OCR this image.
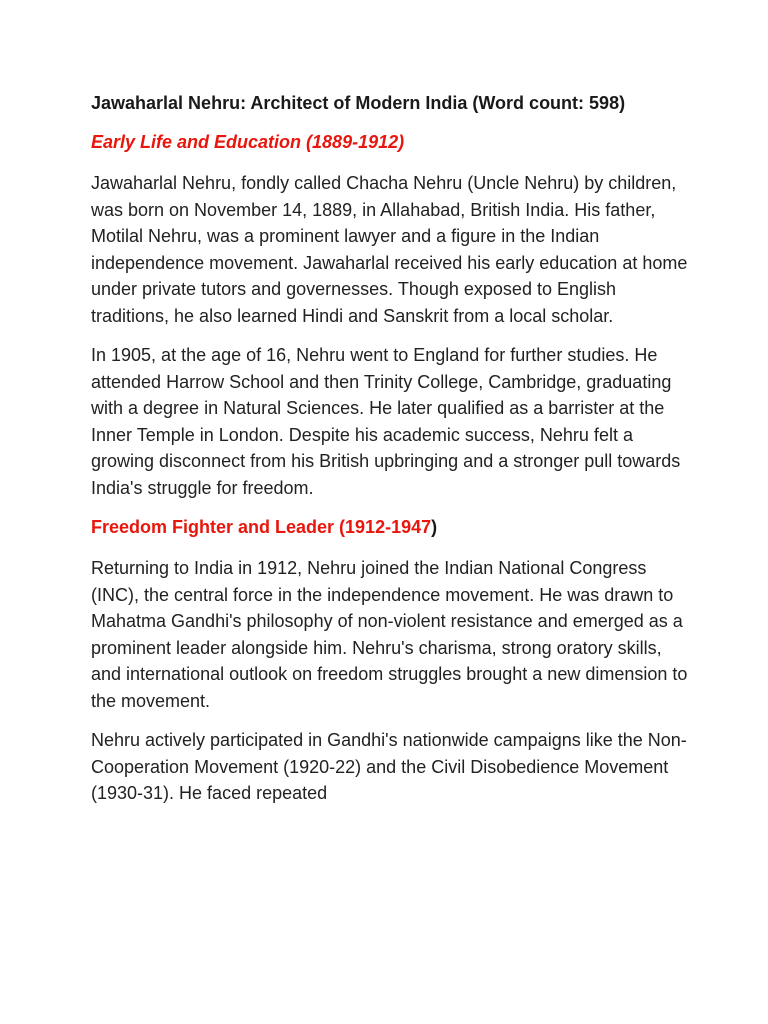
Jawaharlal Nehru: Architect of Modern India (Word count: 598)
Early Life and Education (1889-1912)

Jawaharlal Nehru, fondly called Chacha Nehru (Uncle Nehru) by children, was born on November 14, 1889, in Allahabad, British India. His father, Motilal Nehru, was a prominent lawyer and a figure in the Indian independence movement. Jawaharlal received his early education at home under private tutors and governesses. Though exposed to English traditions, he also learned Hindi and Sanskrit from a local scholar.

In 1905, at the age of 16, Nehru went to England for further studies. He attended Harrow School and then Trinity College, Cambridge, graduating with a degree in Natural Sciences. He later qualified as a barrister at the Inner Temple in London. Despite his academic success, Nehru felt a growing disconnect from his British upbringing and a stronger pull towards India's struggle for freedom.

Freedom Fighter and Leader (1912-1947)

Returning to India in 1912, Nehru joined the Indian National Congress (INC), the central force in the independence movement. He was drawn to Mahatma Gandhi's philosophy of non-violent resistance and emerged as a prominent leader alongside him. Nehru's charisma, strong oratory skills, and international outlook on freedom struggles brought a new dimension to the movement.

Nehru actively participated in Gandhi's nationwide campaigns like the Non-Cooperation Movement (1920-22) and the Civil Disobedience Movement (1930-31). He faced repeated
